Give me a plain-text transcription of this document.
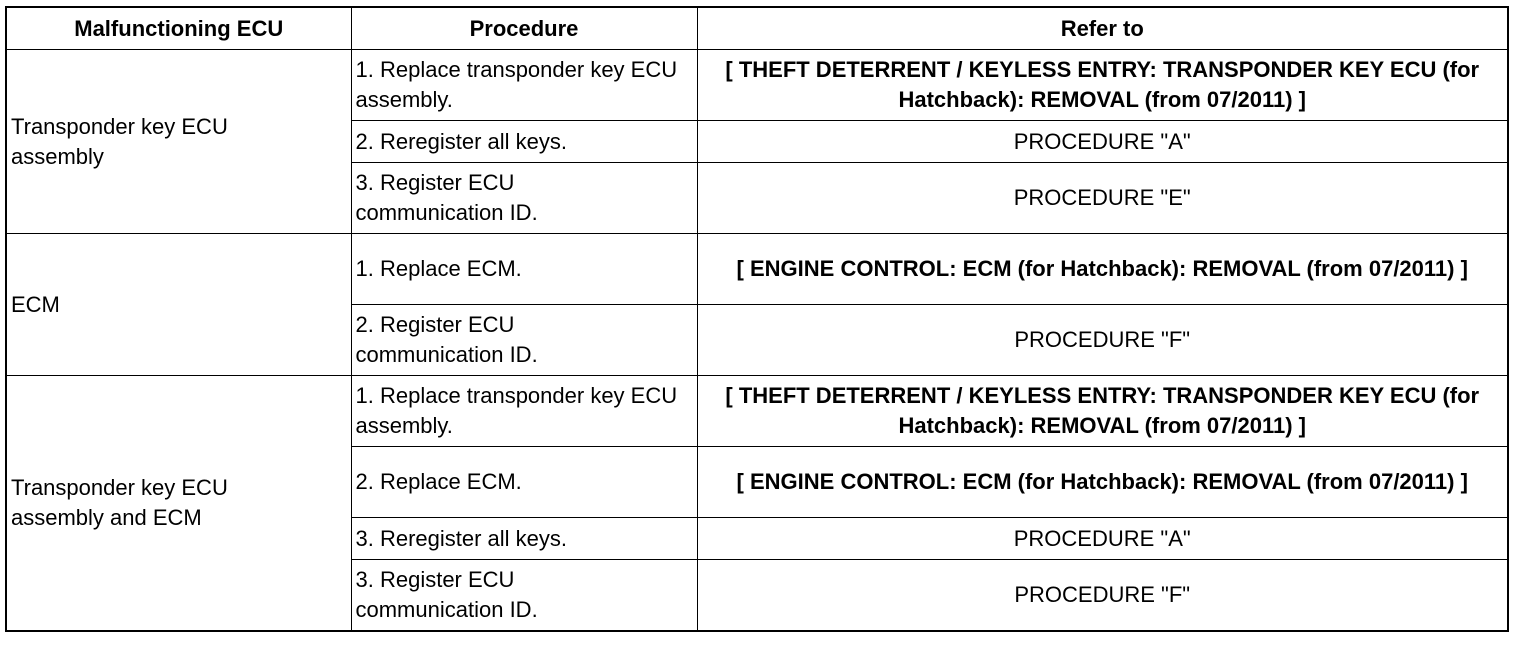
Malfunctioning ECU	Procedure	Refer to
Transponder key ECU assembly	1. Replace transponder key ECU assembly.	[ THEFT DETERRENT / KEYLESS ENTRY: TRANSPONDER KEY ECU (for Hatchback): REMOVAL (from 07/2011) ]
	2. Reregister all keys.	PROCEDURE "A"
	3. Register ECU communication ID.	PROCEDURE "E"
ECM	1. Replace ECM.	[ ENGINE CONTROL: ECM (for Hatchback): REMOVAL (from 07/2011) ]
	2. Register ECU communication ID.	PROCEDURE "F"
Transponder key ECU assembly and ECM	1. Replace transponder key ECU assembly.	[ THEFT DETERRENT / KEYLESS ENTRY: TRANSPONDER KEY ECU (for Hatchback): REMOVAL (from 07/2011) ]
	2. Replace ECM.	[ ENGINE CONTROL: ECM (for Hatchback): REMOVAL (from 07/2011) ]
	3. Reregister all keys.	PROCEDURE "A"
	3. Register ECU communication ID.	PROCEDURE "F"
